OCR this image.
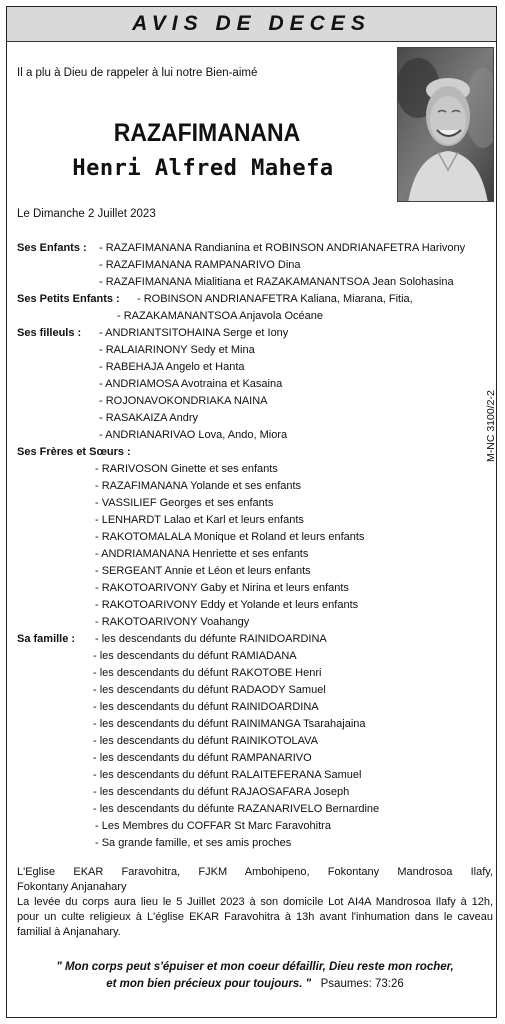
AVIS DE DECES
Il a plu à Dieu de rappeler à lui notre Bien-aimé
RAZAFIMANANA
Henri Alfred Mahefa
Le Dimanche 2 Juillet 2023
Ses Enfants : - RAZAFIMANANA Randianina et ROBINSON ANDRIANAFETRA Harivony
- RAZAFIMANANA RAMPANARIVO Dina
- RAZAFIMANANA Mialitiana et RAZAKAMANANTSOA Jean Solohasina
Ses Petits Enfants : - ROBINSON ANDRIANAFETRA Kaliana, Miarana, Fitia,
- RAZAKAMANANTSOA Anjavola Océane
Ses filleuls : - ANDRIANTSITOHAINA Serge et Iony
- RALAIARINONY Sedy et Mina
- RABEHAJA Angelo et Hanta
- ANDRIAMOSA Avotraina et Kasaina
- ROJONAVOKONDRIAKA NAINA
- RASAKAIZA Andry
- ANDRIANARIVAO Lova, Ando, Miora
Ses Frères et Sœurs :
- RARIVOSON Ginette et ses enfants
- RAZAFIMANANA Yolande et ses enfants
- VASSILIEF Georges et ses enfants
- LENHARDT Lalao et Karl et leurs enfants
- RAKOTOMALALA Monique et Roland et leurs enfants
- ANDRIAMANANA Henriette et ses enfants
- SERGEANT Annie et Léon et leurs enfants
- RAKOTOARIVONY Gaby et Nirina et leurs enfants
- RAKOTOARIVONY Eddy et Yolande et leurs enfants
- RAKOTOARIVONY Voahangy
Sa famille : - les descendants du défunte RAINIDOARDINA
- les descendants du défunt RAMIADANA
- les descendants du défunt RAKOTOBE Henri
- les descendants du défunt RADAODY Samuel
- les descendants du défunt RAINIDOARDINA
- les descendants du défunt RAINIMANGA Tsarahajaina
- les descendants du défunt RAINIKOTOLAVA
- les descendants du défunt RAMPANARIVO
- les descendants du défunt RALAITEFERANA Samuel
- les descendants du défunt RAJAOSAFARA Joseph
- les descendants du défunte RAZANARIVELO Bernardine
- Les Membres du COFFAR St Marc Faravohitra
- Sa grande famille, et ses amis proches
M-NC 3100/2-2
L'Eglise EKAR Faravohitra, FJKM Ambohipeno, Fokontany Mandrosoa Ilafy,
Fokontany Anjanahary
La levée du corps aura lieu le 5 Juillet 2023 à son domicile Lot AI4A Mandrosoa Ilafy à 12h,
pour un culte religieux à L'église EKAR Faravohitra à 13h avant l'inhumation dans le caveau
familial à Anjanahary.
" Mon corps peut s'épuiser et mon coeur défaillir, Dieu reste mon rocher,
et mon bien précieux pour toujours. " Psaumes: 73:26
